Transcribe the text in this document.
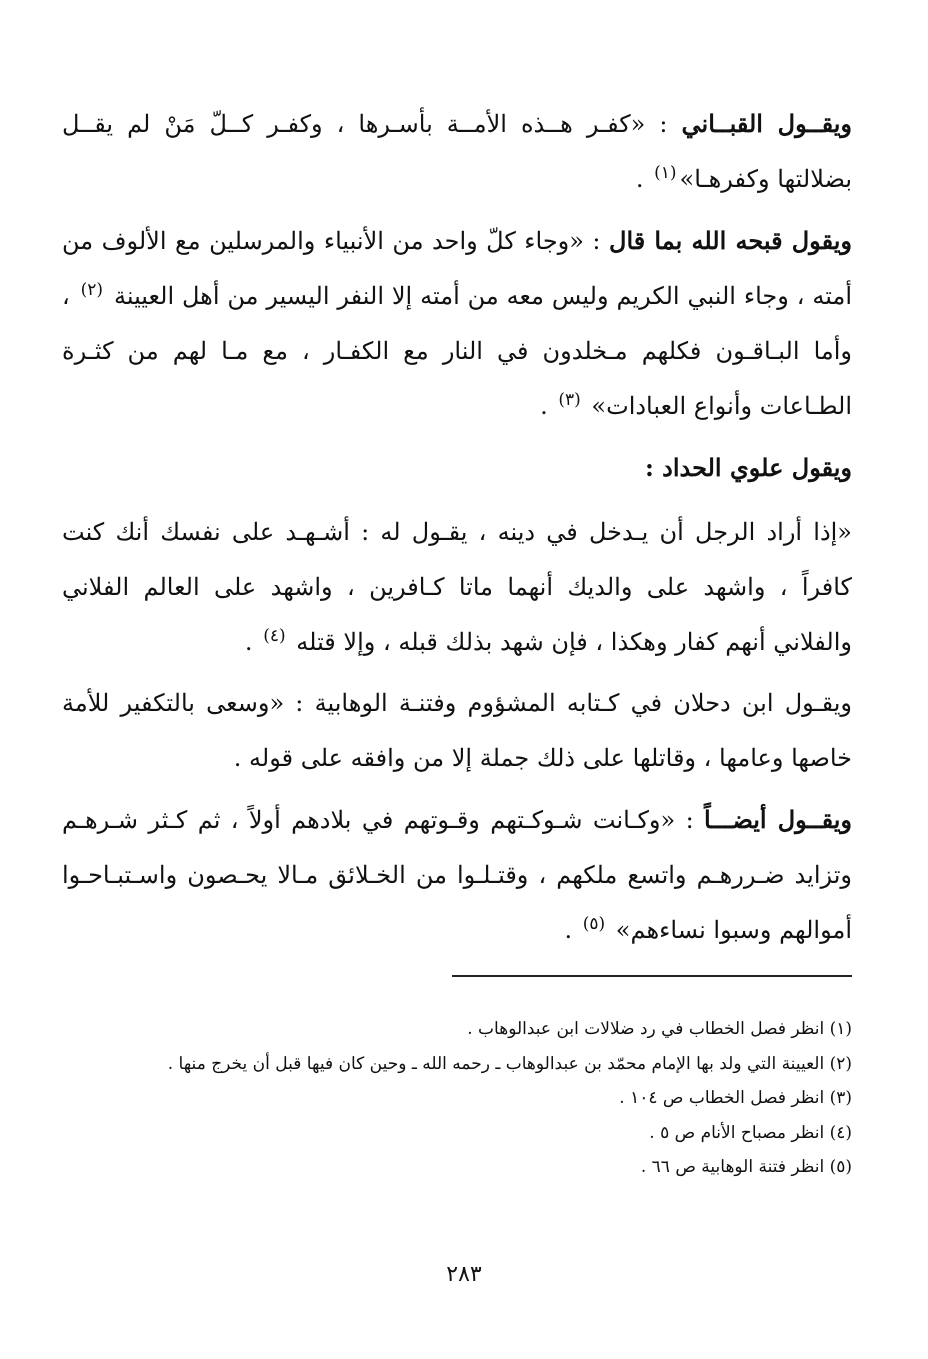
ويقــول القبــاني : «كفـر هــذه الأمــة بأسـرها ، وكفـر كــلّ مَنْ لم يقــل بضلالتها وكفرهـا»$^{(١)}$ .

ويقول قبحه الله بما قال : «وجاء كلّ واحد من الأنبياء والمرسلين مع الألوف من أمته ، وجاء النبي الكريم وليس معه من أمته إلا النفر اليسير من أهل العيينة $^{(٢)}$ ، وأما البـاقـون فكلهم مـخلدون في النار مع الكفـار ، مع مـا لهم من كثـرة الطـاعات وأنواع العبادات» $^{(٣)}$ .

ويقول علوي الحداد :

«إذا أراد الرجل أن يـدخل في دينه ، يقـول له : أشـهـد على نفسك أنك كنت كافراً ، واشهد على والديك أنهما ماتا كـافرين ، واشهد على العالم الفلاني والفلاني أنهم كفار وهكذا ، فإن شهد بذلك قبله ، وإلا قتله $^{(٤)}$ .

ويقـول ابن دحلان في كـتابه المشؤوم وفتنـة الوهابية : «وسعى بالتكفير للأمة خاصها وعامها ، وقاتلها على ذلك جملة إلا من وافقه على قوله .

ويقــول أيضـــاً : «وكـانت شـوكـتهم وقـوتهم في بلادهم أولاً ، ثم كـثر شـرهـم وتزايد ضـررهـم واتسع ملكهم ، وقتـلـوا من الخـلائق مـالا يحـصون واسـتبـاحـوا أموالهم وسبوا نساءهم» $^{(٥)}$ .

(١) انظر فصل الخطاب في رد ضلالات ابن عبدالوهاب .

(٢) العيينة التي ولد بها الإمام محمّد بن عبدالوهاب ـ رحمه الله ـ وحين كان فيها قبل أن يخرج منها .

(٣) انظر فصل الخطاب ص ١٠٤ .

(٤) انظر مصباح الأنام ص ٥ .

(٥) انظر فتنة الوهابية ص ٦٦ .

٢٨٣
